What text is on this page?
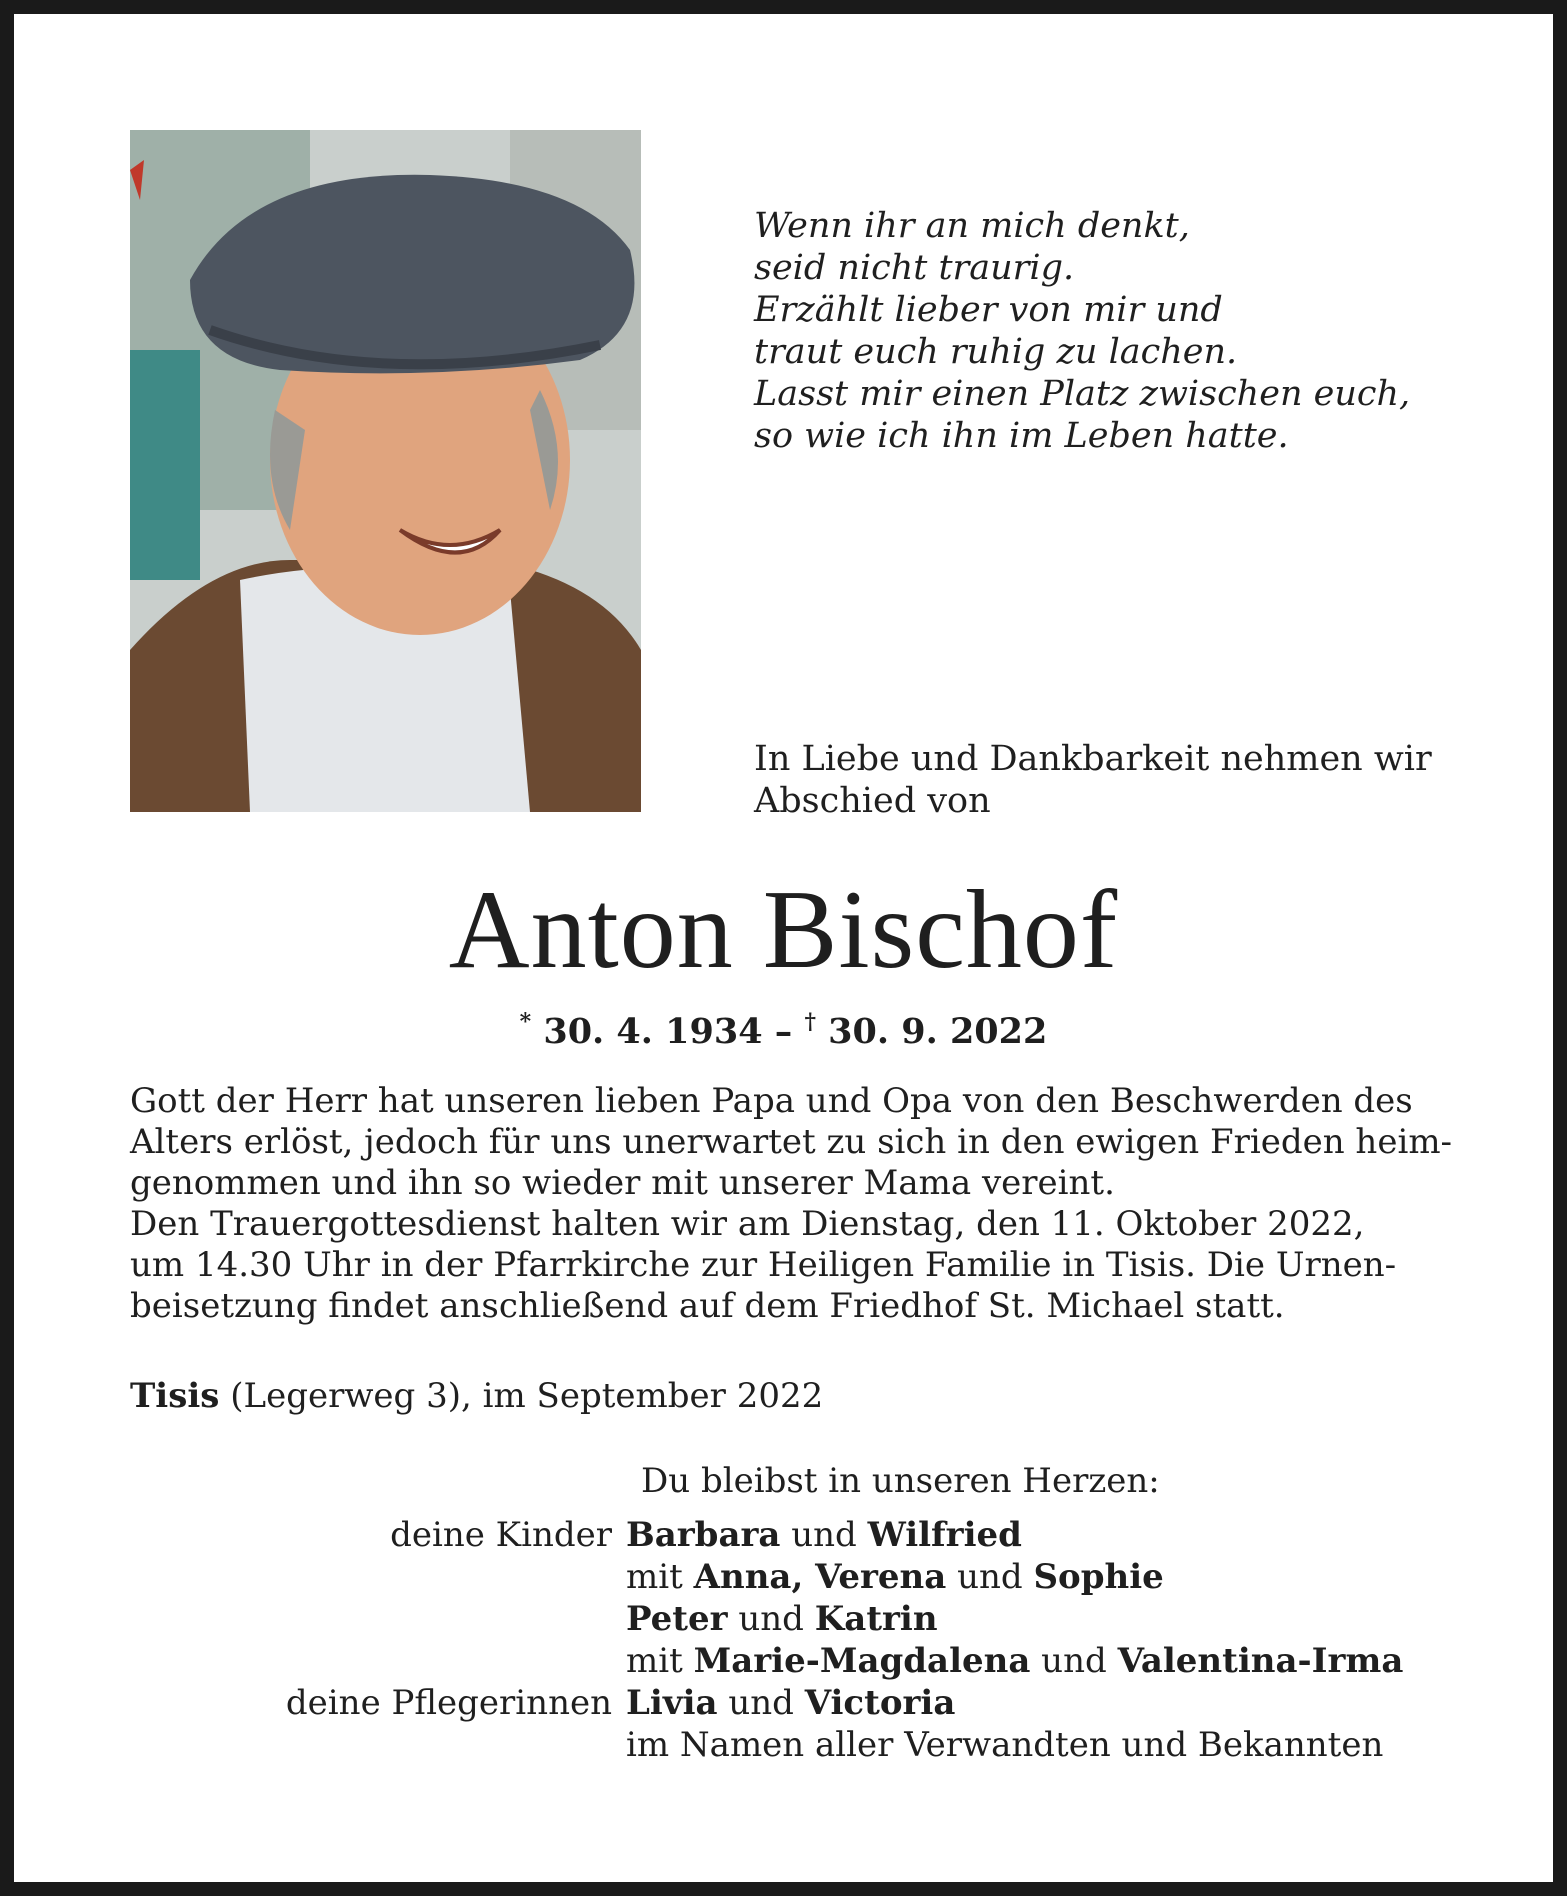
Wenn ihr an mich denkt,
seid nicht traurig.
Erzählt lieber von mir und
traut euch ruhig zu lachen.
Lasst mir einen Platz zwischen euch,
so wie ich ihn im Leben hatte.
In Liebe und Dankbarkeit nehmen wir
Abschied von
Anton Bischof
* 30. 4. 1934 – † 30. 9. 2022
Gott der Herr hat unseren lieben Papa und Opa von den Beschwerden des
Alters erlöst, jedoch für uns unerwartet zu sich in den ewigen Frieden heim-
genommen und ihn so wieder mit unserer Mama vereint.
Den Trauergottesdienst halten wir am Dienstag, den 11. Oktober 2022,
um 14.30 Uhr in der Pfarrkirche zur Heiligen Familie in Tisis. Die Urnen-
beisetzung findet anschließend auf dem Friedhof St. Michael statt.
Tisis (Legerweg 3), im September 2022
Du bleibst in unseren Herzen:
deine Kinder Barbara und Wilfried
mit Anna, Verena und Sophie
Peter und Katrin
mit Marie-Magdalena und Valentina-Irma
deine Pflegerinnen Livia und Victoria
im Namen aller Verwandten und Bekannten
